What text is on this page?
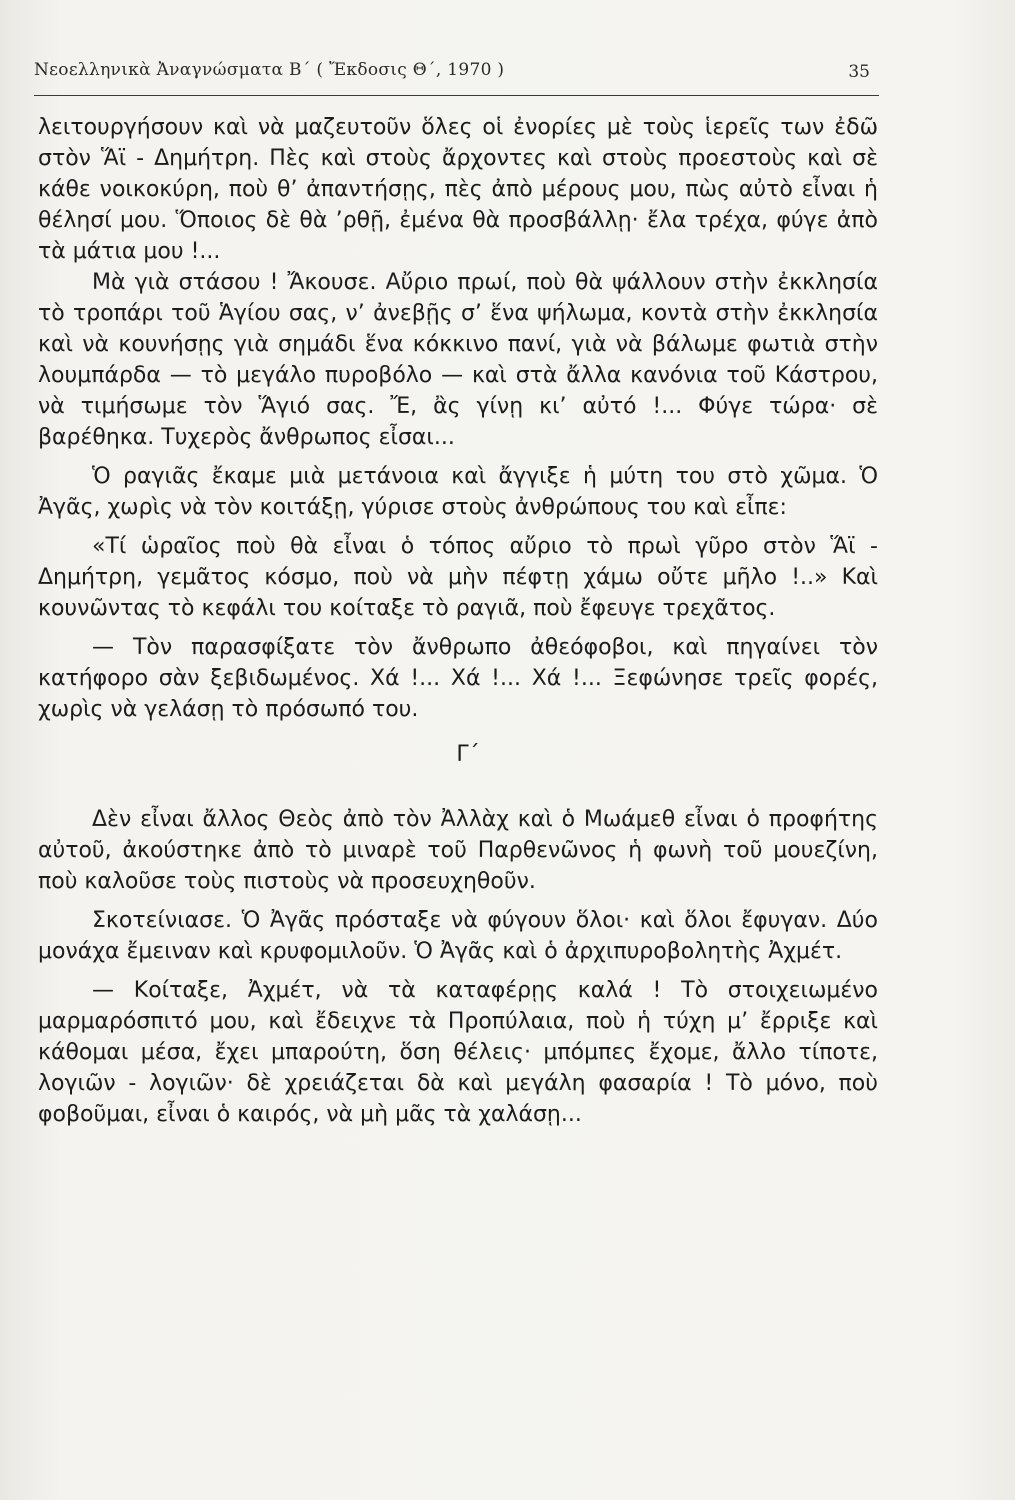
Νεοελληνικὰ Ἀναγνώσματα Β΄ ( Ἔκδοσις Θ΄, 1970 )	35

λειτουργήσουν καὶ νὰ μαζευτοῦν ὅλες οἱ ἐνορίες μὲ τοὺς ἱερεῖς των ἐδῶ στὸν Ἅϊ - Δημήτρη. Πὲς καὶ στοὺς ἄρχοντες καὶ στοὺς προεστοὺς καὶ σὲ κάθε νοικοκύρη, ποὺ θ’ ἀπαντήσῃς, πὲς ἀπὸ μέρους μου, πὼς αὐτὸ εἶναι ἡ θέλησί μου. Ὅποιος δὲ θὰ ’ρθῇ, ἐμένα θὰ προσβάλλῃ· ἔλα τρέχα, φύγε ἀπὸ τὰ μάτια μου !...

Μὰ γιὰ στάσου ! Ἄκουσε. Αὔριο πρωί, ποὺ θὰ ψάλλουν στὴν ἐκκλησία τὸ τροπάρι τοῦ Ἁγίου σας, ν’ ἀνεβῇς σ’ ἕνα ψήλωμα, κοντὰ στὴν ἐκκλησία καὶ νὰ κουνήσῃς γιὰ σημάδι ἕνα κόκκινο πανί, γιὰ νὰ βάλωμε φωτιὰ στὴν λουμπάρδα — τὸ μεγάλο πυροβόλο — καὶ στὰ ἄλλα κανόνια τοῦ Κάστρου, νὰ τιμήσωμε τὸν Ἅγιό σας. Ἔ, ἂς γίνῃ κι’ αὐτό !... Φύγε τώρα· σὲ βαρέθηκα. Τυχερὸς ἄνθρωπος εἶσαι...

Ὁ ραγιᾶς ἔκαμε μιὰ μετάνοια καὶ ἄγγιξε ἡ μύτη του στὸ χῶμα. Ὁ Ἀγᾶς, χωρὶς νὰ τὸν κοιτάξῃ, γύρισε στοὺς ἀνθρώπους του καὶ εἶπε:

«Τί ὡραῖος ποὺ θὰ εἶναι ὁ τόπος αὔριο τὸ πρωὶ γῦρο στὸν Ἅϊ - Δημήτρη, γεμᾶτος κόσμο, ποὺ νὰ μὴν πέφτῃ χάμω οὔτε μῆλο !..» Καὶ κουνῶντας τὸ κεφάλι του κοίταξε τὸ ραγιᾶ, ποὺ ἔφευγε τρεχᾶτος.

— Τὸν παρασφίξατε τὸν ἄνθρωπο ἀθεόφοβοι, καὶ πηγαίνει τὸν κατήφορο σὰν ξεβιδωμένος. Χά !... Χά !... Χά !... Ξεφώνησε τρεῖς φορές, χωρὶς νὰ γελάσῃ τὸ πρόσωπό του.

Γ΄

Δὲν εἶναι ἄλλος Θεὸς ἀπὸ τὸν Ἀλλὰχ καὶ ὁ Μωάμεθ εἶναι ὁ προφήτης αὐτοῦ, ἀκούστηκε ἀπὸ τὸ μιναρὲ τοῦ Παρθενῶνος ἡ φωνὴ τοῦ μουεζίνη, ποὺ καλοῦσε τοὺς πιστοὺς νὰ προσευχηθοῦν.

Σκοτείνιασε. Ὁ Ἀγᾶς πρόσταξε νὰ φύγουν ὅλοι· καὶ ὅλοι ἔφυγαν. Δύο μονάχα ἔμειναν καὶ κρυφομιλοῦν. Ὁ Ἀγᾶς καὶ ὁ ἀρχιπυροβολητὴς Ἀχμέτ.

— Κοίταξε, Ἀχμέτ, νὰ τὰ καταφέρῃς καλά ! Τὸ στοιχειωμένο μαρμαρόσπιτό μου, καὶ ἔδειχνε τὰ Προπύλαια, ποὺ ἡ τύχη μ’ ἔρριξε καὶ κάθομαι μέσα, ἔχει μπαρούτη, ὅση θέλεις· μπόμπες ἔχομε, ἄλλο τίποτε, λογιῶν - λογιῶν· δὲ χρειάζεται δὰ καὶ μεγάλη φασαρία ! Τὸ μόνο, ποὺ φοβοῦμαι, εἶναι ὁ καιρός, νὰ μὴ μᾶς τὰ χαλάσῃ...
